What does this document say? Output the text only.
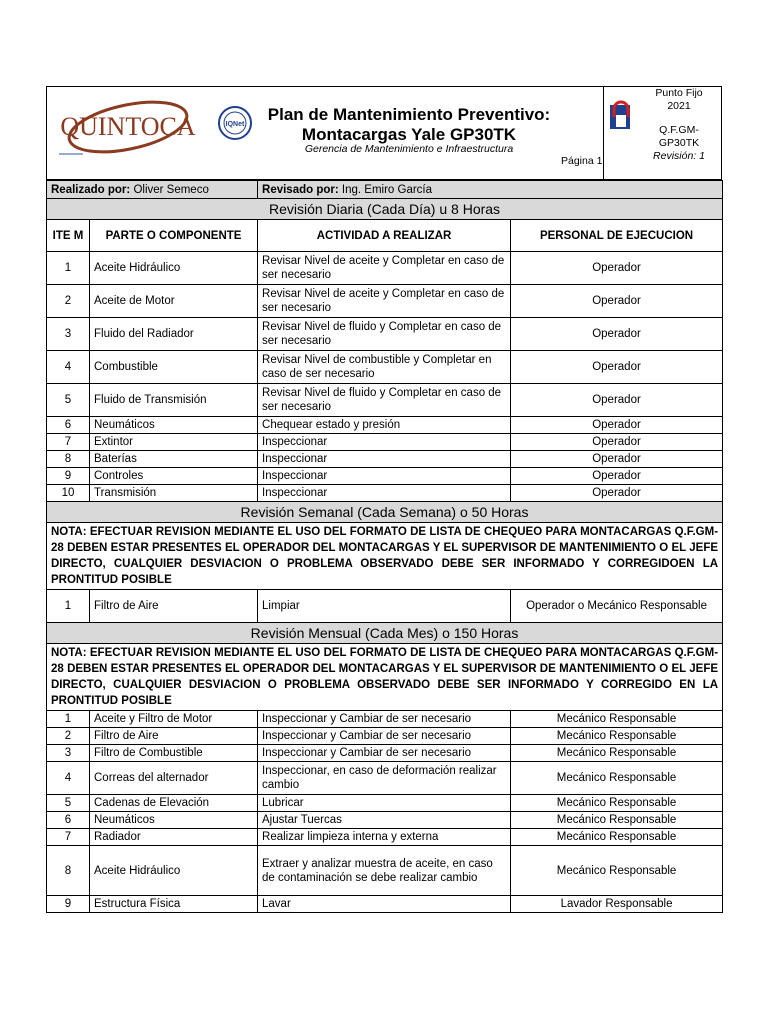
QUINTOCA	IQNet
Plan de Mantenimiento Preventivo:
Montacargas Yale GP30TK
Gerencia de Mantenimiento e Infraestructura
Página 1
Punto Fijo
2021
Q.F.GM-
GP30TK
Revisión: 1
Realizado por: Oliver Semeco		Revisado por: Ing. Emiro García	
Revisión Diaria (Cada Día) u 8 Horas			
ITE M	PARTE O COMPONENTE	ACTIVIDAD A REALIZAR	PERSONAL DE EJECUCION
1	Aceite Hidráulico	Revisar Nivel de aceite y Completar en caso de ser necesario	Operador
2	Aceite de Motor	Revisar Nivel de aceite y Completar en caso de ser necesario	Operador
3	Fluido del Radiador	Revisar Nivel de fluido y Completar en caso de ser necesario	Operador
4	Combustible	Revisar Nivel de combustible y Completar en caso de ser necesario	Operador
5	Fluido de Transmisión	Revisar Nivel de fluido y Completar en caso de ser necesario	Operador
6	Neumáticos	Chequear estado y presión	Operador
7	Extintor	Inspeccionar	Operador
8	Baterías	Inspeccionar	Operador
9	Controles	Inspeccionar	Operador
10	Transmisión	Inspeccionar	Operador
Revisión Semanal (Cada Semana) o 50 Horas			
NOTA: EFECTUAR REVISION MEDIANTE EL USO DEL FORMATO DE LISTA DE CHEQUEO PARA MONTACARGAS Q.F.GM-28 DEBEN ESTAR PRESENTES EL OPERADOR DEL MONTACARGAS Y EL SUPERVISOR DE MANTENIMIENTO O EL JEFE DIRECTO, CUALQUIER DESVIACION O PROBLEMA OBSERVADO DEBE SER INFORMADO Y CORREGIDOEN LA PRONTITUD POSIBLE			
1	Filtro de Aire	Limpiar	Operador o Mecánico Responsable
Revisión Mensual (Cada Mes) o 150 Horas			
NOTA: EFECTUAR REVISION MEDIANTE EL USO DEL FORMATO DE LISTA DE CHEQUEO PARA MONTACARGAS Q.F.GM-28 DEBEN ESTAR PRESENTES EL OPERADOR DEL MONTACARGAS Y EL SUPERVISOR DE MANTENIMIENTO O EL JEFE DIRECTO, CUALQUIER DESVIACION O PROBLEMA OBSERVADO DEBE SER INFORMADO Y CORREGIDO EN LA PRONTITUD POSIBLE			
1	Aceite y Filtro de Motor	Inspeccionar y Cambiar de ser necesario	Mecánico Responsable
2	Filtro de Aire	Inspeccionar y Cambiar de ser necesario	Mecánico Responsable
3	Filtro de Combustible	Inspeccionar y Cambiar de ser necesario	Mecánico Responsable
4	Correas del alternador	Inspeccionar, en caso de deformación realizar cambio	Mecánico Responsable
5	Cadenas de Elevación	Lubricar	Mecánico Responsable
6	Neumáticos	Ajustar Tuercas	Mecánico Responsable
7	Radiador	Realizar limpieza interna y externa	Mecánico Responsable
8	Aceite Hidráulico	Extraer y analizar muestra de aceite, en caso de contaminación se debe realizar cambio	Mecánico Responsable
9	Estructura Física	Lavar	Lavador Responsable
